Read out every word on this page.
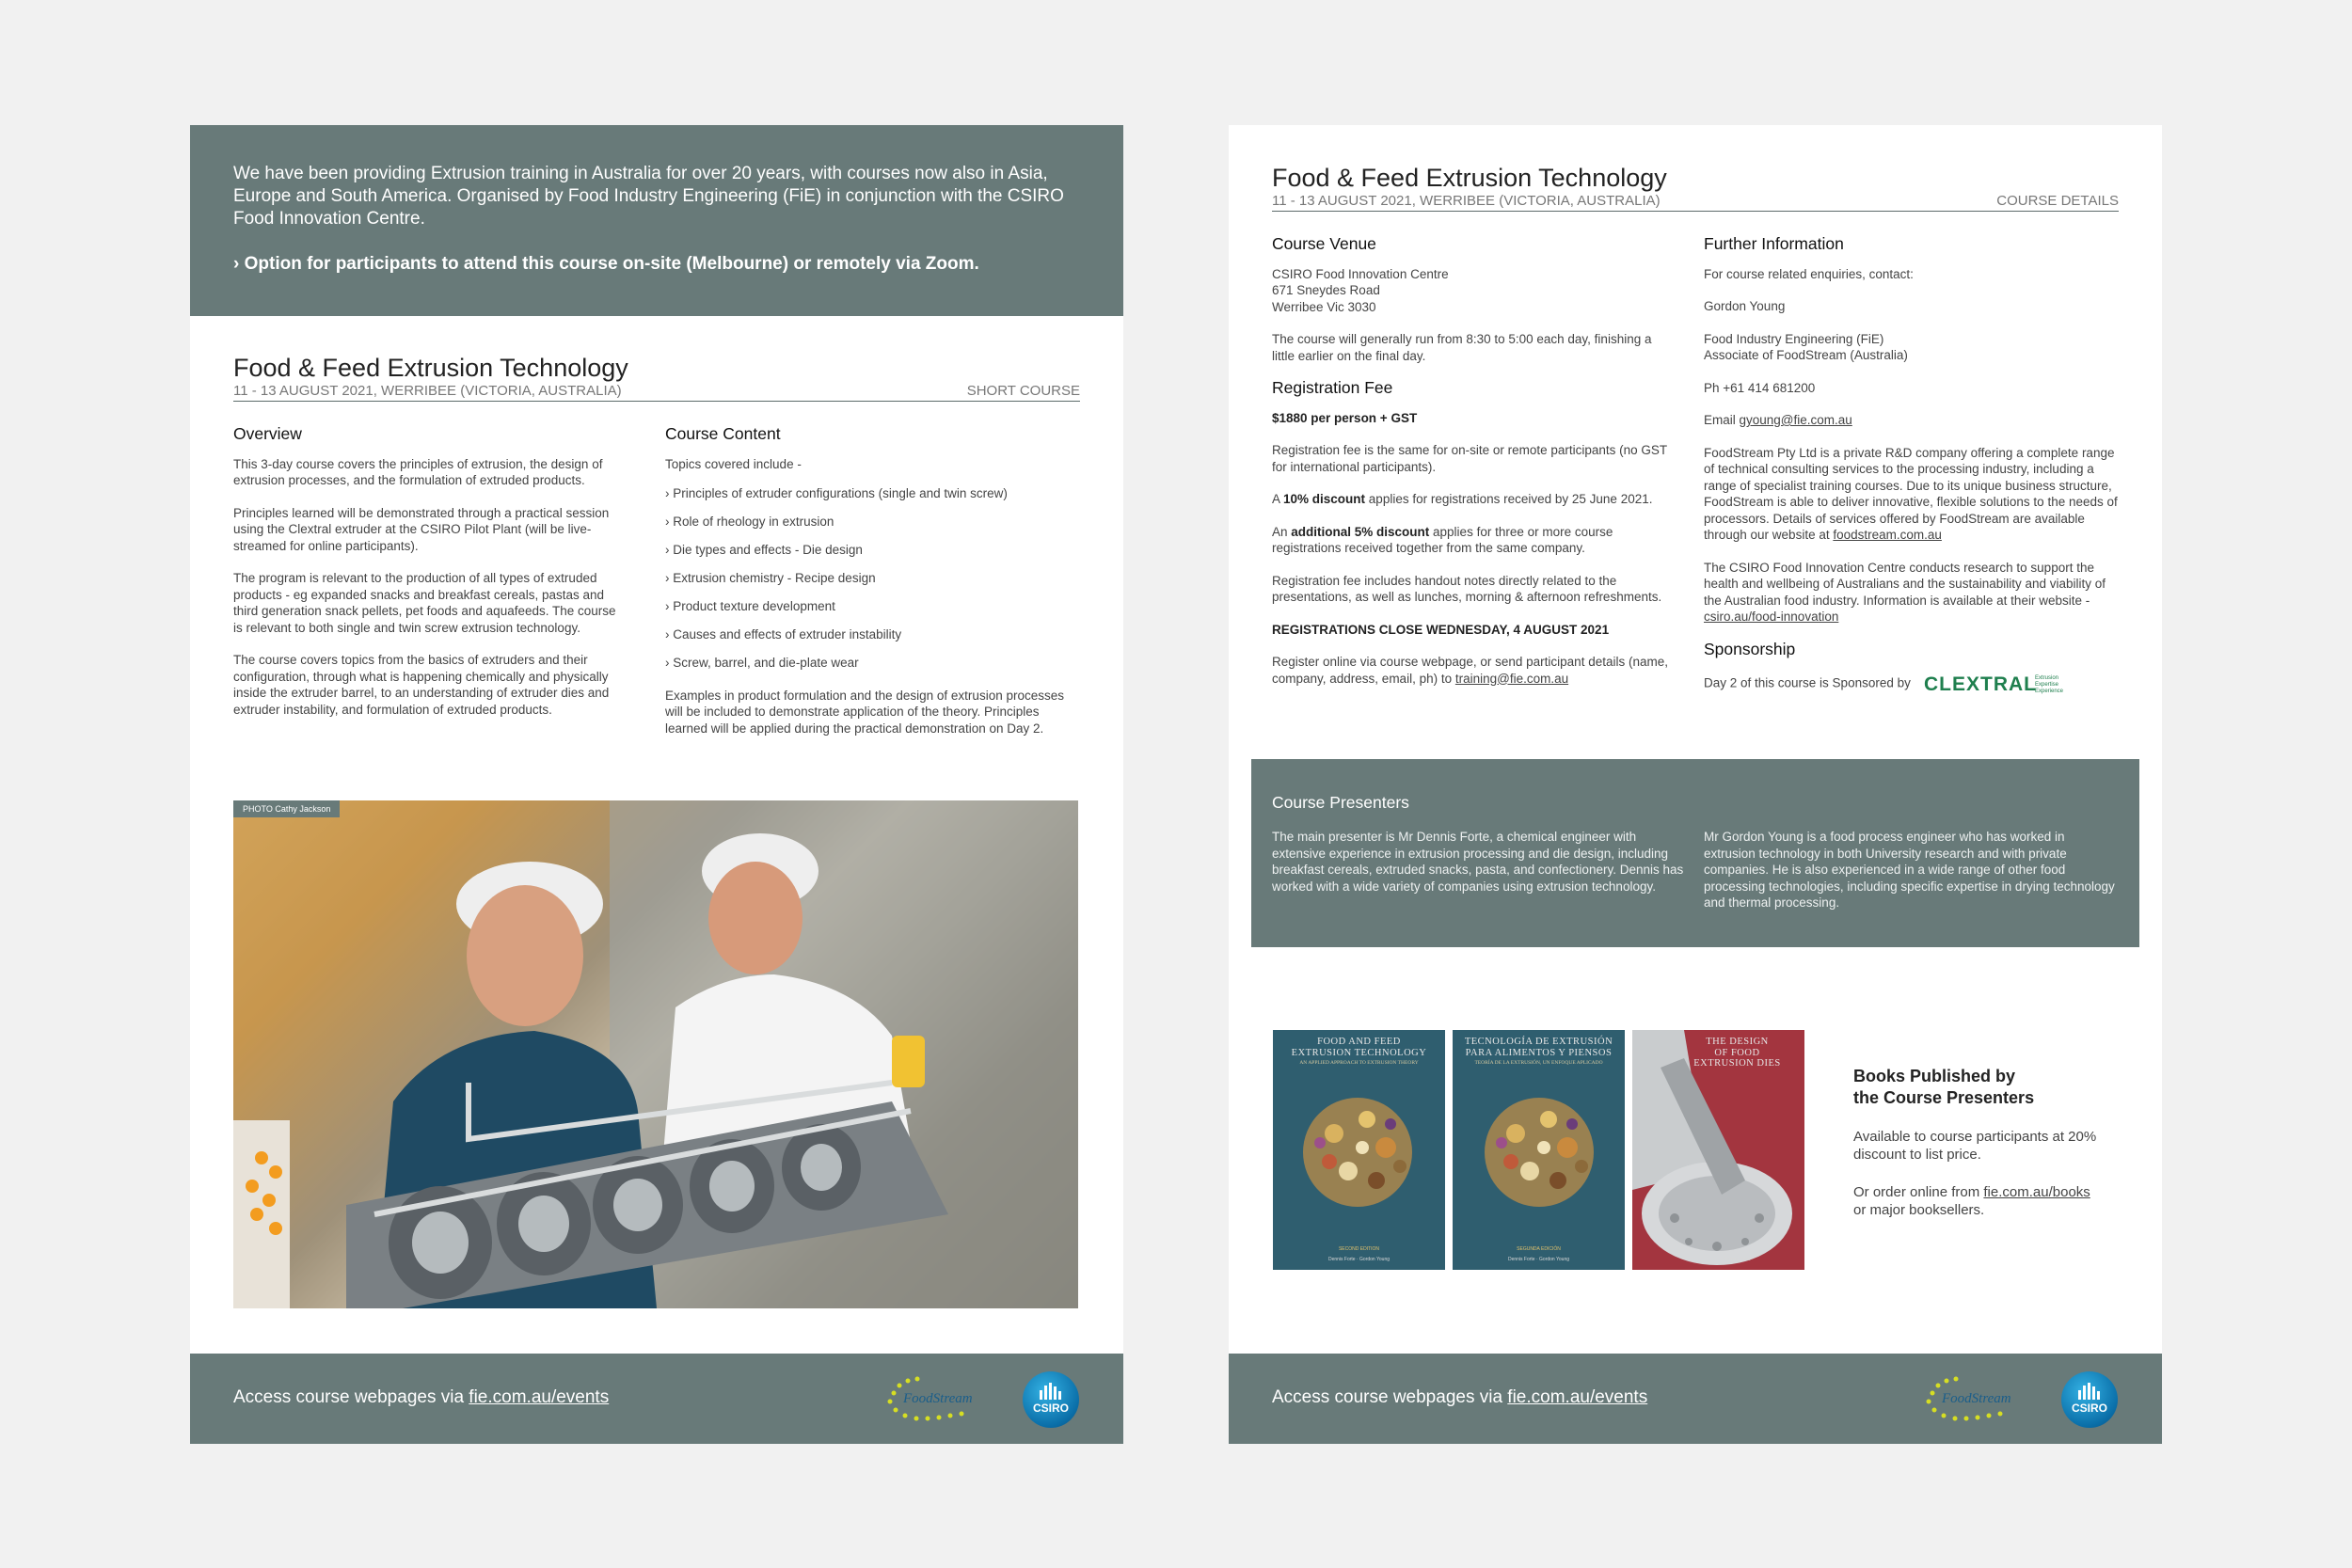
We have been providing Extrusion training in Australia for over 20 years, with courses now also in Asia, Europe and South America. Organised by Food Industry Engineering (FiE) in conjunction with the CSIRO Food Innovation Centre.

› Option for participants to attend this course on-site (Melbourne) or remotely via Zoom.

Food & Feed Extrusion Technology
11 - 13 AUGUST 2021, WERRIBEE (VICTORIA, AUSTRALIA)	SHORT COURSE
Overview

This 3-day course covers the principles of extrusion, the design of extrusion processes, and the formulation of extruded products.

Principles learned will be demonstrated through a practical session using the Clextral extruder at the CSIRO Pilot Plant (will be live-streamed for online participants).

The program is relevant to the production of all types of extruded products - eg expanded snacks and breakfast cereals, pastas and third generation snack pellets, pet foods and aquafeeds. The course is relevant to both single and twin screw extrusion technology.

The course covers topics from the basics of extruders and their configuration, through what is happening chemically and physically inside the extruder barrel, to an understanding of extruder dies and extruder instability, and formulation of extruded products.

Course Content

Topics covered include -

› Principles of extruder configurations (single and twin screw)
› Role of rheology in extrusion
› Die types and effects - Die design
› Extrusion chemistry - Recipe design
› Product texture development
› Causes and effects of extruder instability
› Screw, barrel, and die-plate wear

Examples in product formulation and the design of extrusion processes will be included to demonstrate application of the theory. Principles learned will be applied during the practical demonstration on Day 2.

PHOTO Cathy Jackson
Access course webpages via fie.com.au/events	FoodStream
CSIRO
Food & Feed Extrusion Technology
11 - 13 AUGUST 2021, WERRIBEE (VICTORIA, AUSTRALIA)	COURSE DETAILS
Course Venue

CSIRO Food Innovation Centre
671 Sneydes Road
Werribee Vic 3030

The course will generally run from 8:30 to 5:00 each day, finishing a little earlier on the final day.

Registration Fee

$1880 per person + GST

Registration fee is the same for on-site or remote participants (no GST for international participants).

A 10% discount applies for registrations received by 25 June 2021.

An additional 5% discount applies for three or more course registrations received together from the same company.

Registration fee includes handout notes directly related to the presentations, as well as lunches, morning & afternoon refreshments.

REGISTRATIONS CLOSE WEDNESDAY, 4 AUGUST 2021

Register online via course webpage, or send participant details (name, company, address, email, ph) to training@fie.com.au

Further Information

For course related enquiries, contact:

Gordon Young

Food Industry Engineering (FiE)
Associate of FoodStream (Australia)

Ph +61 414 681200

Email gyoung@fie.com.au

FoodStream Pty Ltd is a private R&D company offering a complete range of technical consulting services to the processing industry, including a range of specialist training courses. Due to its unique business structure, FoodStream is able to deliver innovative, flexible solutions to the needs of processors. Details of services offered by FoodStream are available through our website at foodstream.com.au

The CSIRO Food Innovation Centre conducts research to support the health and wellbeing of Australians and the sustainability and viability of the Australian food industry. Information is available at their website - csiro.au/food-innovation

Sponsorship

Day 2 of this course is Sponsored by CLEXTRAL
Extrusion
Expertise
Experience

Course Presenters

The main presenter is Mr Dennis Forte, a chemical engineer with extensive experience in extrusion processing and die design, including breakfast cereals, extruded snacks, pasta, and confectionery. Dennis has worked with a wide variety of companies using extrusion technology.

Mr Gordon Young is a food process engineer who has worked in extrusion technology in both University research and with private companies. He is also experienced in a wide range of other food processing technologies, including specific expertise in drying technology and thermal processing.

FOOD AND FEED
EXTRUSION TECHNOLOGY
AN APPLIED APPROACH TO EXTRUSION THEORY
SECOND EDITION
Dennis Forte · Gordon Young
TECNOLOGÍA DE EXTRUSIÓN
PARA ALIMENTOS Y PIENSOS
TEORÍA DE LA EXTRUSIÓN, UN ENFOQUE APLICADO
SEGUNDA EDICIÓN
Dennis Forte · Gordon Young
THE DESIGN
OF FOOD
EXTRUSION DIES
Dennis Forte
Books Published by
the Course Presenters

Available to course participants at 20% discount to list price.

Or order online from fie.com.au/books
or major booksellers.

Access course webpages via fie.com.au/events	FoodStream
CSIRO
